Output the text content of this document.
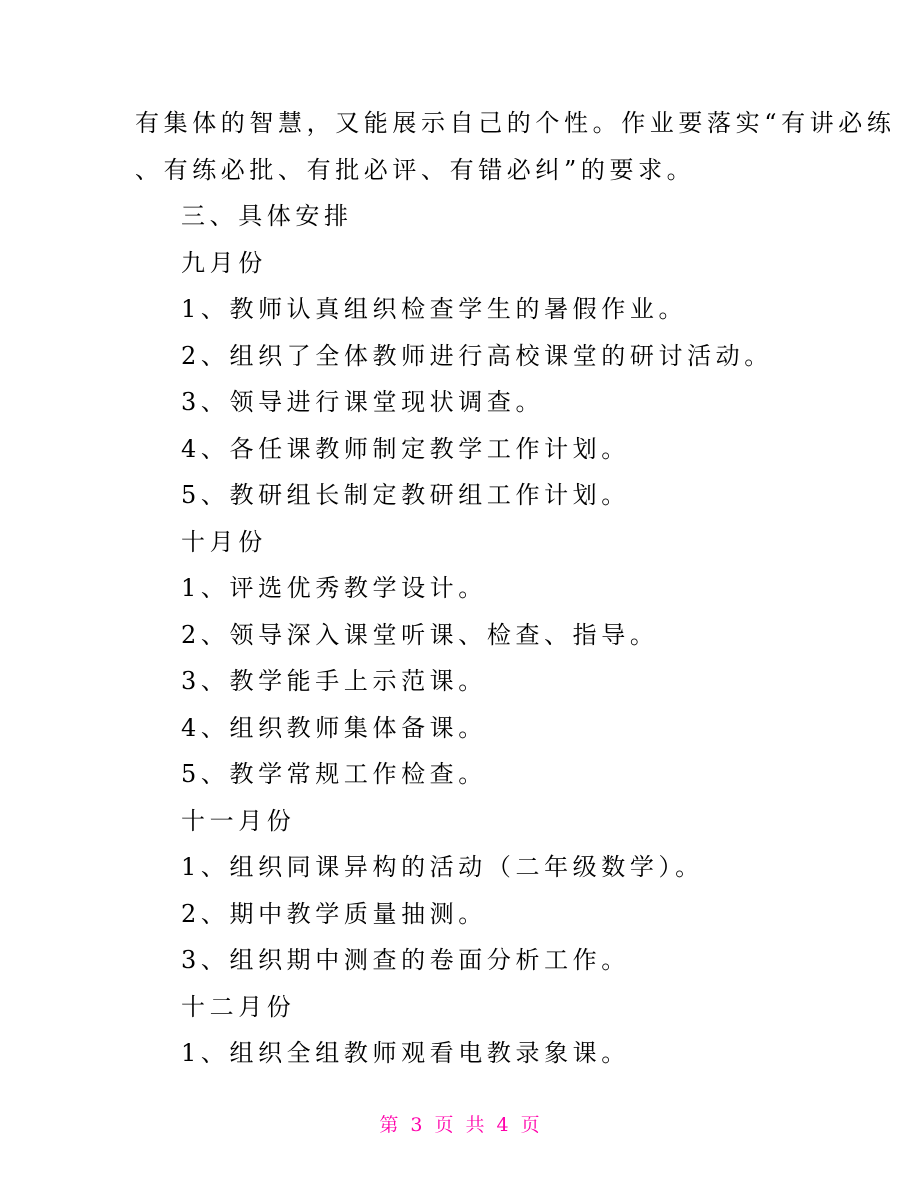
有集体的智慧，又能展示自己的个性。作业要落实“有讲必练
、有练必批、有批必评、有错必纠”的要求。
三、具体安排
九月份
1、教师认真组织检查学生的暑假作业。
2、组织了全体教师进行高校课堂的研讨活动。
3、领导进行课堂现状调查。
4、各任课教师制定教学工作计划。
5、教研组长制定教研组工作计划。
十月份
1、评选优秀教学设计。
2、领导深入课堂听课、检查、指导。
3、教学能手上示范课。
4、组织教师集体备课。
5、教学常规工作检查。
十一月份
1、组织同课异构的活动（二年级数学）。
2、期中教学质量抽测。
3、组织期中测查的卷面分析工作。
十二月份
1、组织全组教师观看电教录象课。
第 3 页 共 4 页
